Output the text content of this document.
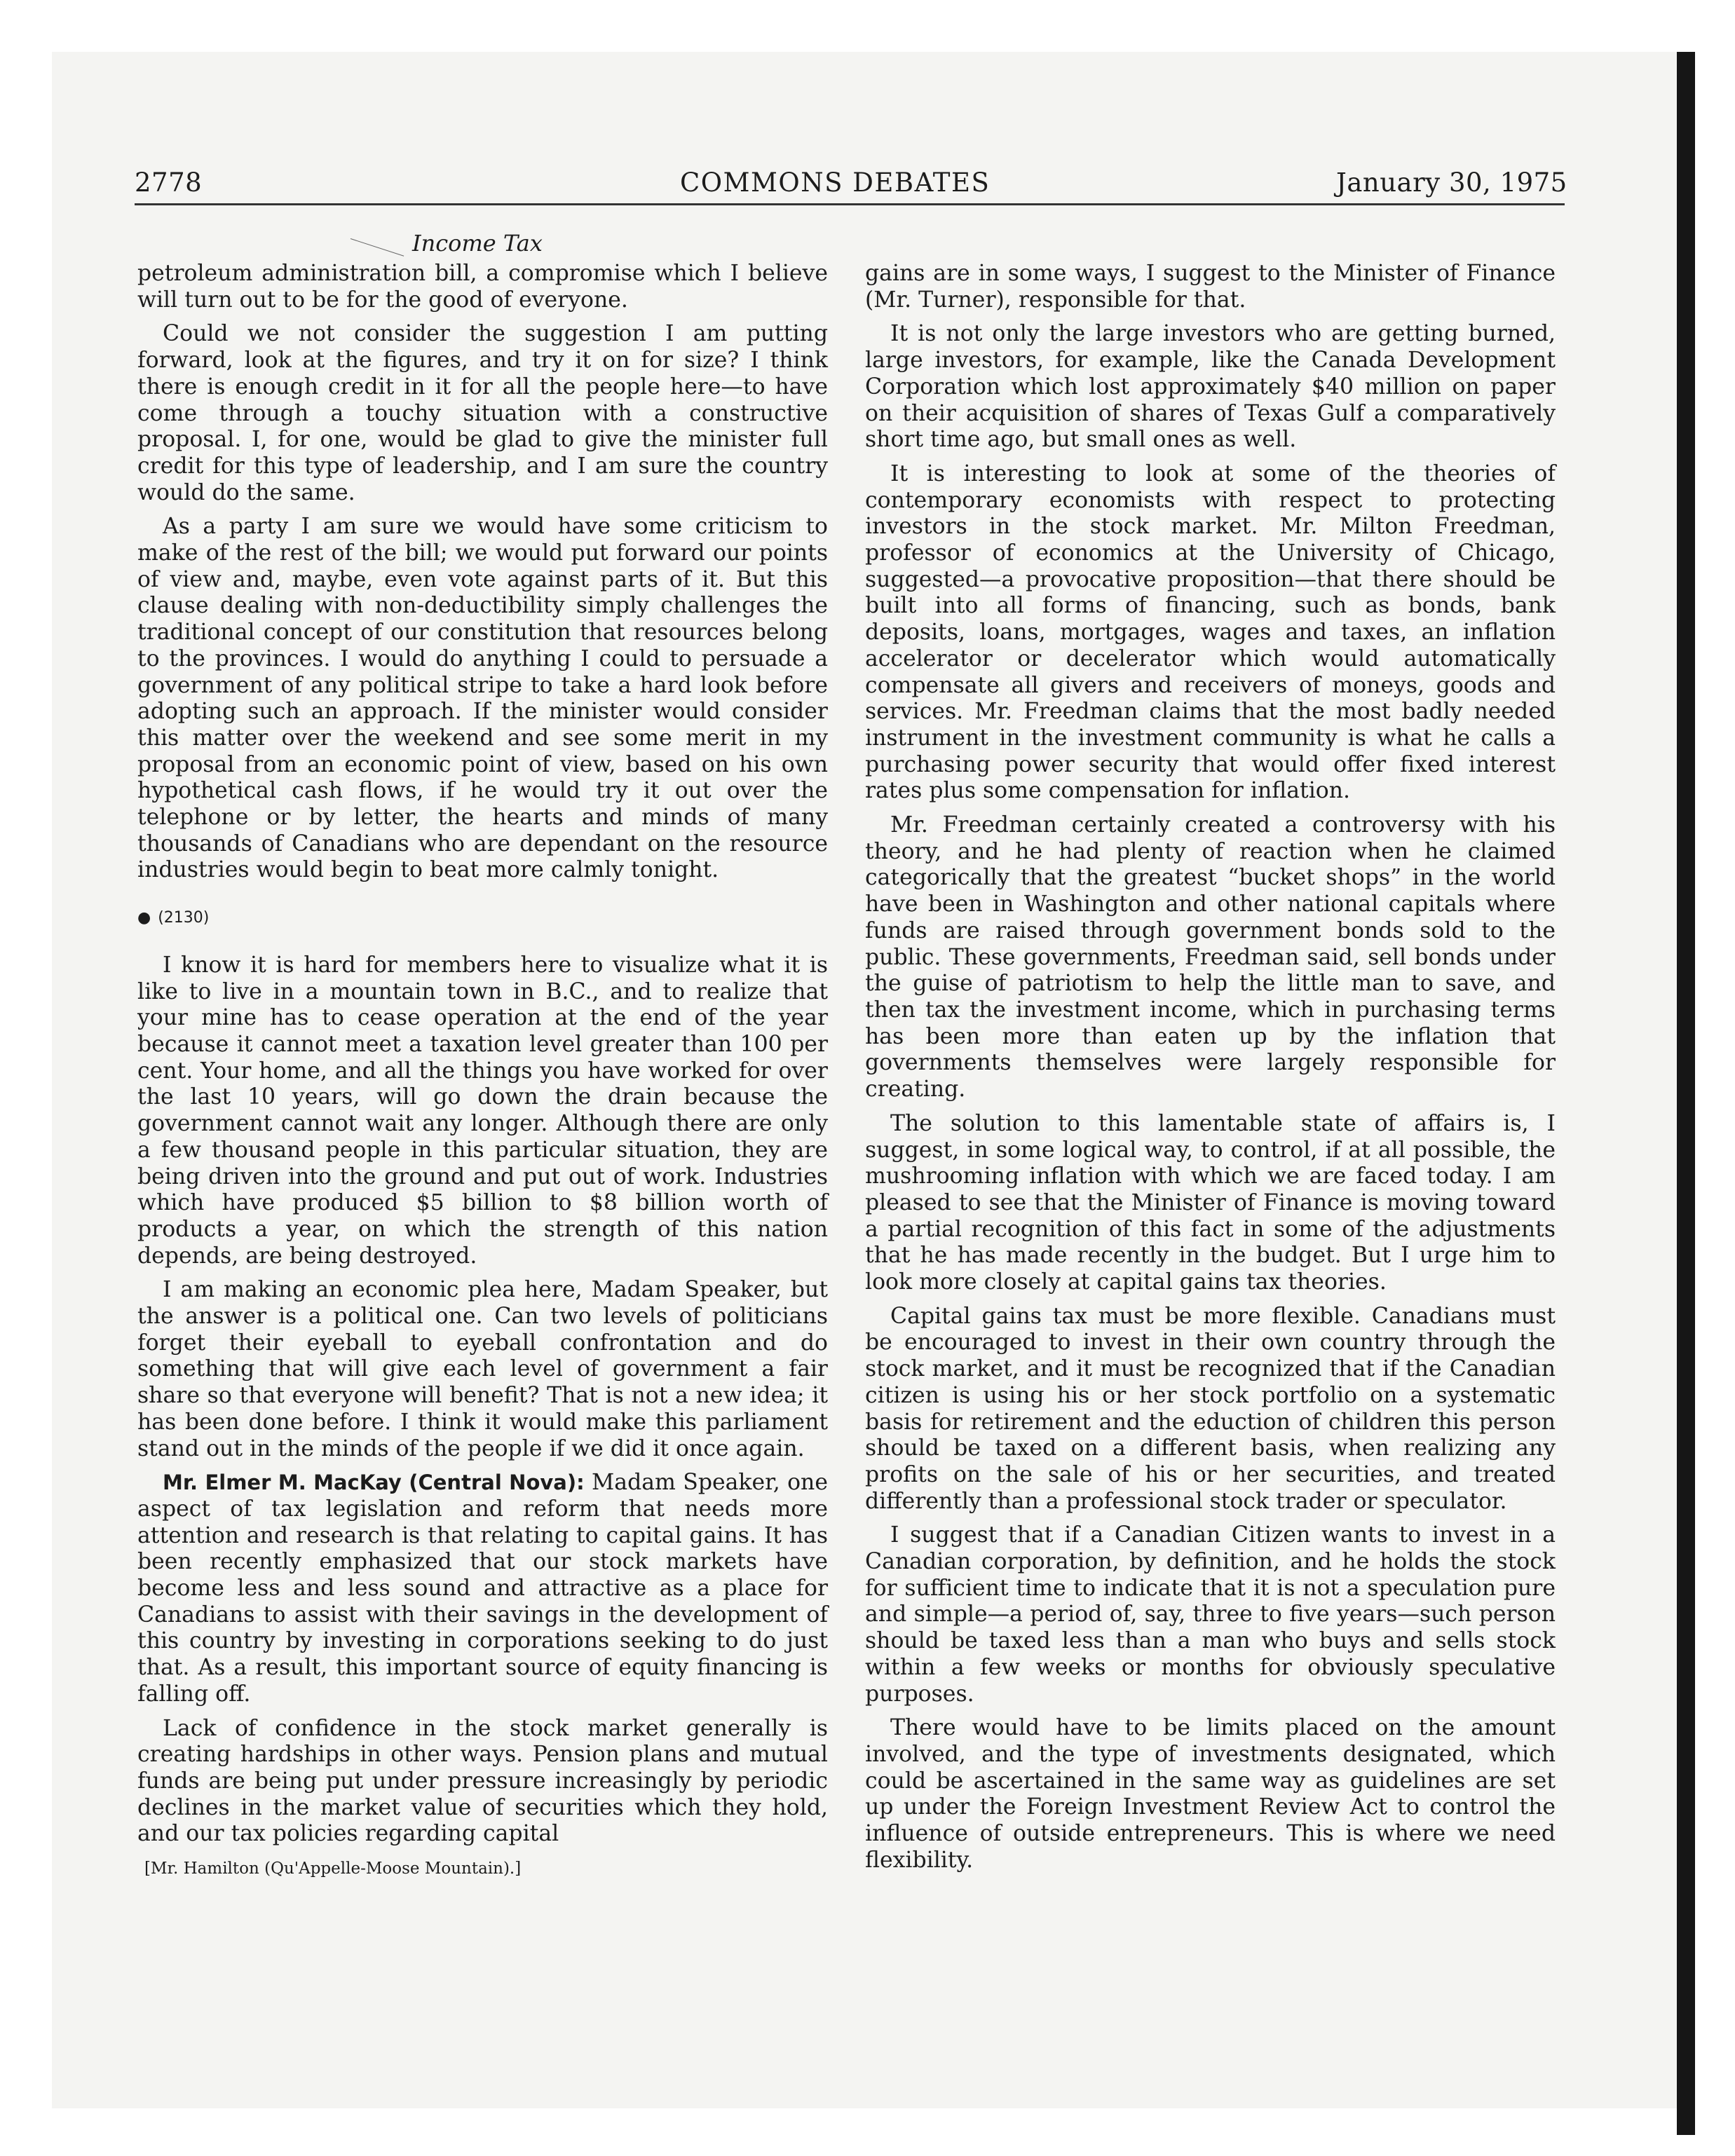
2778	COMMONS DEBATES	January 30, 1975
Income Tax

petroleum administration bill, a compromise which I believe will turn out to be for the good of everyone.

Could we not consider the suggestion I am putting forward, look at the figures, and try it on for size? I think there is enough credit in it for all the people here—to have come through a touchy situation with a constructive proposal. I, for one, would be glad to give the minister full credit for this type of leadership, and I am sure the country would do the same.

As a party I am sure we would have some criticism to make of the rest of the bill; we would put forward our points of view and, maybe, even vote against parts of it. But this clause dealing with non-deductibility simply challenges the traditional concept of our constitution that resources belong to the provinces. I would do anything I could to persuade a government of any political stripe to take a hard look before adopting such an approach. If the minister would consider this matter over the weekend and see some merit in my proposal from an economic point of view, based on his own hypothetical cash flows, if he would try it out over the telephone or by letter, the hearts and minds of many thousands of Canadians who are dependant on the resource industries would begin to beat more calmly tonight.

● (2130)

I know it is hard for members here to visualize what it is like to live in a mountain town in B.C., and to realize that your mine has to cease operation at the end of the year because it cannot meet a taxation level greater than 100 per cent. Your home, and all the things you have worked for over the last 10 years, will go down the drain because the government cannot wait any longer. Although there are only a few thousand people in this particular situation, they are being driven into the ground and put out of work. Industries which have produced $5 billion to $8 billion worth of products a year, on which the strength of this nation depends, are being destroyed.

I am making an economic plea here, Madam Speaker, but the answer is a political one. Can two levels of politicians forget their eyeball to eyeball confrontation and do something that will give each level of government a fair share so that everyone will benefit? That is not a new idea; it has been done before. I think it would make this parliament stand out in the minds of the people if we did it once again.

Mr. Elmer M. MacKay (Central Nova): Madam Speaker, one aspect of tax legislation and reform that needs more attention and research is that relating to capital gains. It has been recently emphasized that our stock markets have become less and less sound and attractive as a place for Canadians to assist with their savings in the development of this country by investing in corporations seeking to do just that. As a result, this important source of equity financing is falling off.

Lack of confidence in the stock market generally is creating hardships in other ways. Pension plans and mutual funds are being put under pressure increasingly by periodic declines in the market value of securities which they hold, and our tax policies regarding capital

[Mr. Hamilton (Qu'Appelle-Moose Mountain).]

gains are in some ways, I suggest to the Minister of Finance (Mr. Turner), responsible for that.

It is not only the large investors who are getting burned, large investors, for example, like the Canada Development Corporation which lost approximately $40 million on paper on their acquisition of shares of Texas Gulf a comparatively short time ago, but small ones as well.

It is interesting to look at some of the theories of contemporary economists with respect to protecting investors in the stock market. Mr. Milton Freedman, professor of economics at the University of Chicago, suggested—a provocative proposition—that there should be built into all forms of financing, such as bonds, bank deposits, loans, mortgages, wages and taxes, an inflation accelerator or decelerator which would automatically compensate all givers and receivers of moneys, goods and services. Mr. Freedman claims that the most badly needed instrument in the investment community is what he calls a purchasing power security that would offer fixed interest rates plus some compensation for inflation.

Mr. Freedman certainly created a controversy with his theory, and he had plenty of reaction when he claimed categorically that the greatest “bucket shops” in the world have been in Washington and other national capitals where funds are raised through government bonds sold to the public. These governments, Freedman said, sell bonds under the guise of patriotism to help the little man to save, and then tax the investment income, which in purchasing terms has been more than eaten up by the inflation that governments themselves were largely responsible for creating.

The solution to this lamentable state of affairs is, I suggest, in some logical way, to control, if at all possible, the mushrooming inflation with which we are faced today. I am pleased to see that the Minister of Finance is moving toward a partial recognition of this fact in some of the adjustments that he has made recently in the budget. But I urge him to look more closely at capital gains tax theories.

Capital gains tax must be more flexible. Canadians must be encouraged to invest in their own country through the stock market, and it must be recognized that if the Canadian citizen is using his or her stock portfolio on a systematic basis for retirement and the eduction of children this person should be taxed on a different basis, when realizing any profits on the sale of his or her securities, and treated differently than a professional stock trader or speculator.

I suggest that if a Canadian Citizen wants to invest in a Canadian corporation, by definition, and he holds the stock for sufficient time to indicate that it is not a speculation pure and simple—a period of, say, three to five years—such person should be taxed less than a man who buys and sells stock within a few weeks or months for obviously speculative purposes.

There would have to be limits placed on the amount involved, and the type of investments designated, which could be ascertained in the same way as guidelines are set up under the Foreign Investment Review Act to control the influence of outside entrepreneurs. This is where we need flexibility.
